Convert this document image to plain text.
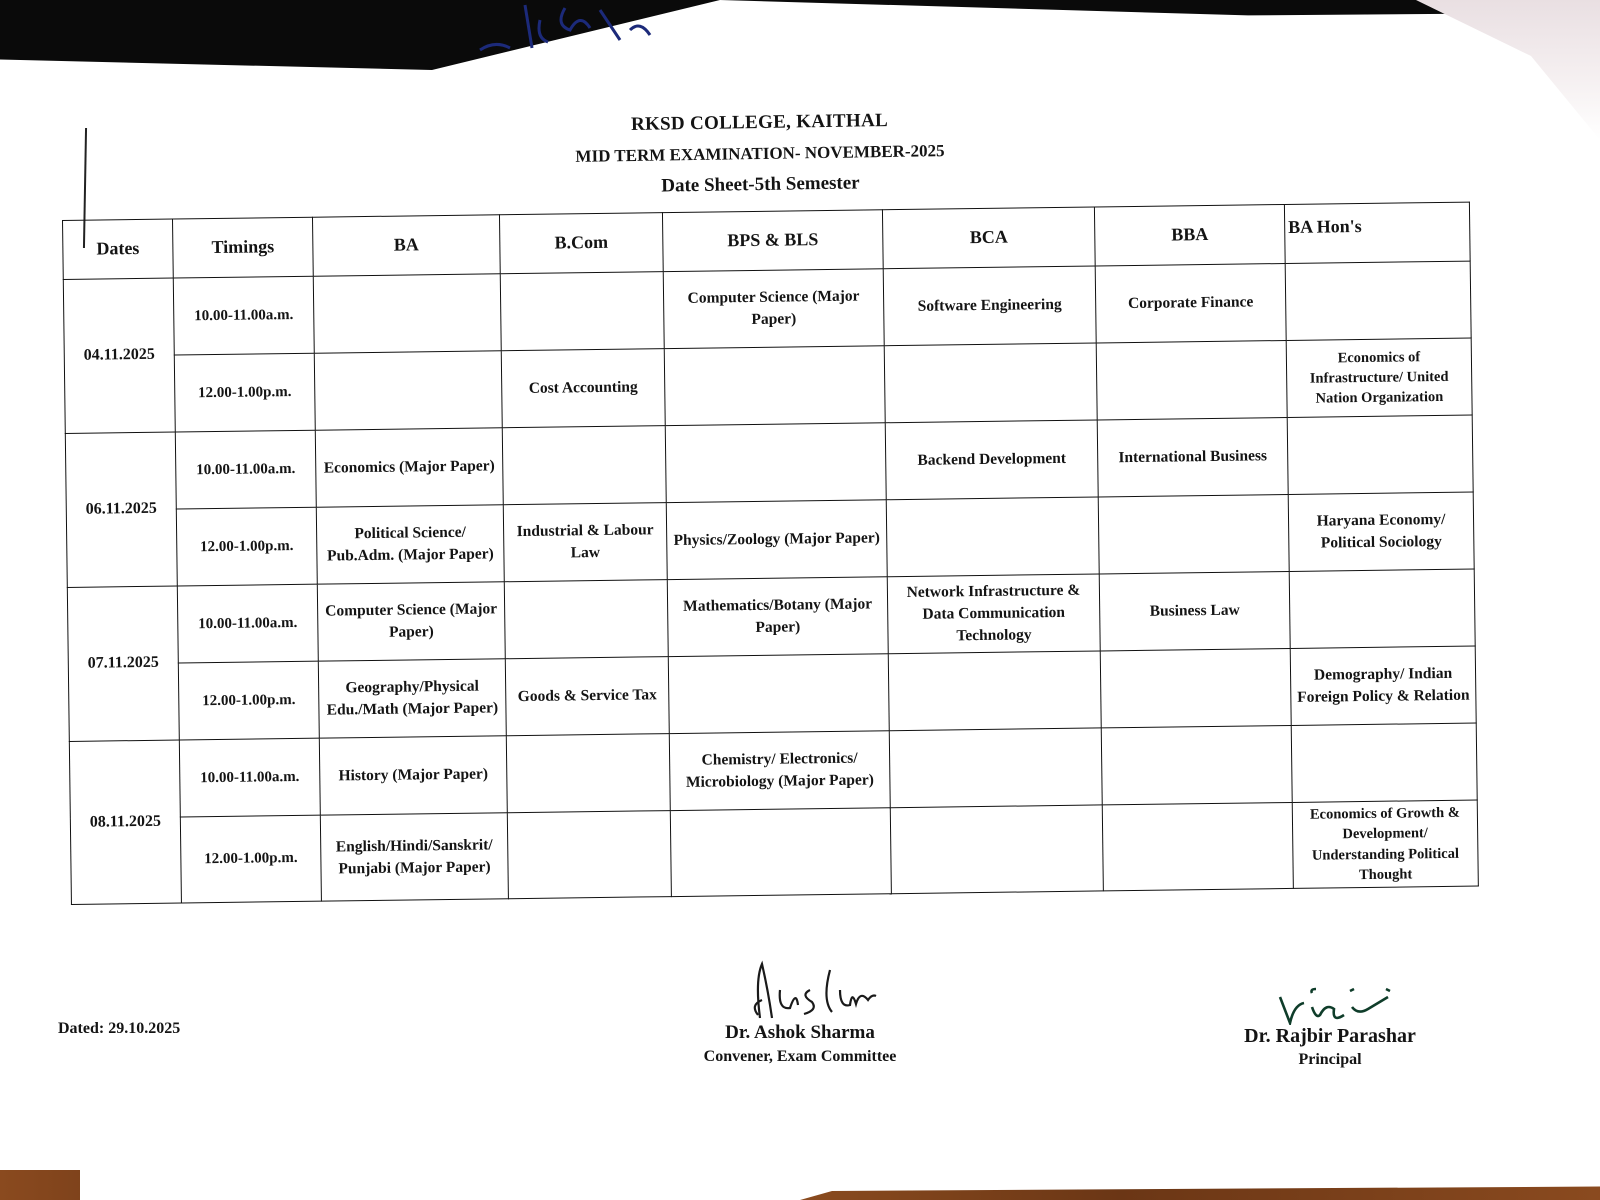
RKSD COLLEGE, KAITHAL
MID TERM EXAMINATION- NOVEMBER-2025
Date Sheet-5th Semester
Dates	Timings	BA	B.Com	BPS & BLS	BCA	BBA	BA Hon's
04.11.2025	10.00-11.00a.m.			Computer Science (Major Paper)	Software Engineering	Corporate Finance	
	12.00-1.00p.m.		Cost Accounting				Economics of Infrastructure/ United Nation Organization
06.11.2025	10.00-11.00a.m.	Economics (Major Paper)			Backend Development	International Business	
	12.00-1.00p.m.	Political Science/ Pub.Adm. (Major Paper)	Industrial & Labour Law	Physics/Zoology (Major Paper)			Haryana Economy/ Political Sociology
07.11.2025	10.00-11.00a.m.	Computer Science (Major Paper)		Mathematics/Botany (Major Paper)	Network Infrastructure & Data Communication Technology	Business Law	
	12.00-1.00p.m.	Geography/Physical Edu./Math (Major Paper)	Goods & Service Tax				Demography/ Indian Foreign Policy & Relation
08.11.2025	10.00-11.00a.m.	History (Major Paper)		Chemistry/ Electronics/ Microbiology (Major Paper)			
	12.00-1.00p.m.	English/Hindi/Sanskrit/ Punjabi (Major Paper)					Economics of Growth & Development/ Understanding Political Thought
Dated: 29.10.2025	Dr. Ashok Sharma
Convener, Exam Committee
Dr. Rajbir Parashar
Principal
